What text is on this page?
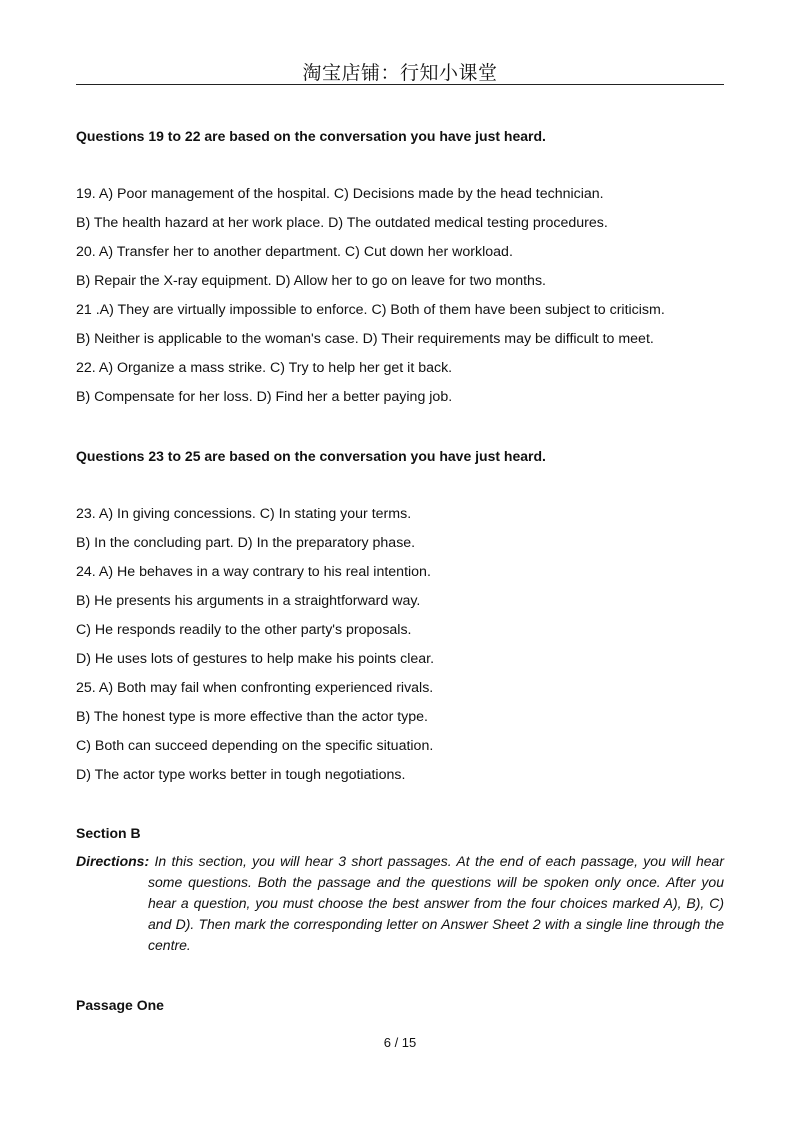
淘宝店铺：行知小课堂
Questions 19 to 22 are based on the conversation you have just heard.
19. A) Poor management of the hospital. C) Decisions made by the head technician.
B) The health hazard at her work place. D) The outdated medical testing procedures.
20. A) Transfer her to another department. C) Cut down her workload.
B) Repair the X-ray equipment. D) Allow her to go on leave for two months.
21 .A) They are virtually impossible to enforce. C) Both of them have been subject to criticism.
B) Neither is applicable to the woman's case. D) Their requirements may be difficult to meet.
22. A) Organize a mass strike. C) Try to help her get it back.
B) Compensate for her loss. D) Find her a better paying job.
Questions 23 to 25 are based on the conversation you have just heard.
23. A) In giving concessions. C) In stating your terms.
B) In the concluding part. D) In the preparatory phase.
24. A) He behaves in a way contrary to his real intention.
B) He presents his arguments in a straightforward way.
C) He responds readily to the other party's proposals.
D) He uses lots of gestures to help make his points clear.
25. A) Both may fail when confronting experienced rivals.
B) The honest type is more effective than the actor type.
C) Both can succeed depending on the specific situation.
D) The actor type works better in tough negotiations.
Section B
Directions: In this section, you will hear 3 short passages. At the end of each passage, you will hear some questions. Both the passage and the questions will be spoken only once. After you hear a question, you must choose the best answer from the four choices marked A), B), C) and D). Then mark the corresponding letter on Answer Sheet 2 with a single line through the centre.
Passage One
6 / 15
